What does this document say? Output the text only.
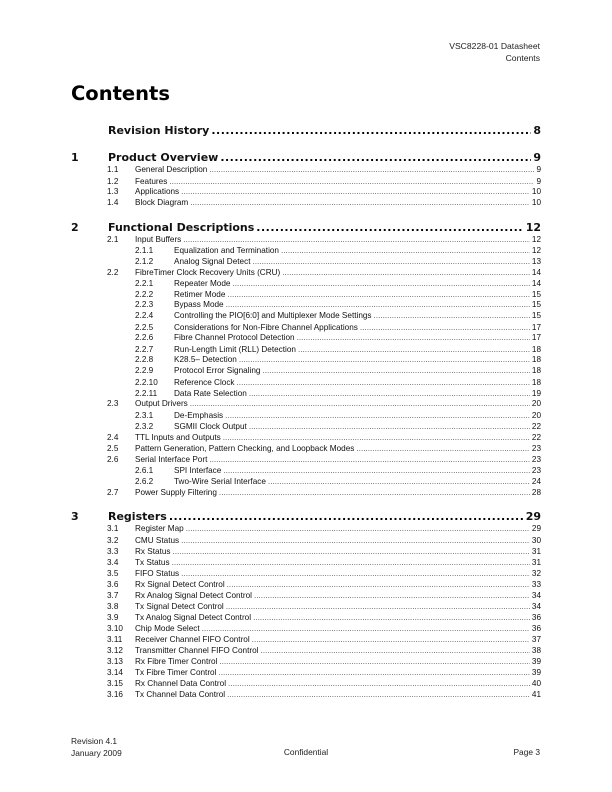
VSC8228-01 Datasheet
Contents
Contents
Revision History .....	8
1	Product Overview .....	9
1.1	General Description .....	9
1.2	Features .....	9
1.3	Applications .....	10
1.4	Block Diagram .....	10
2	Functional Descriptions .....	12
2.1	Input Buffers .....	12
2.1.1	Equalization and Termination .....	12
2.1.2	Analog Signal Detect .....	13
2.2	FibreTimer Clock Recovery Units (CRU) .....	14
2.2.1	Repeater Mode .....	14
2.2.2	Retimer Mode .....	15
2.2.3	Bypass Mode .....	15
2.2.4	Controlling the PIO[6:0] and Multiplexer Mode Settings .....	15
2.2.5	Considerations for Non-Fibre Channel Applications .....	17
2.2.6	Fibre Channel Protocol Detection .....	17
2.2.7	Run-Length Limit (RLL) Detection .....	18
2.2.8	K28.5– Detection .....	18
2.2.9	Protocol Error Signaling .....	18
2.2.10	Reference Clock .....	18
2.2.11	Data Rate Selection .....	19
2.3	Output Drivers .....	20
2.3.1	De-Emphasis .....	20
2.3.2	SGMII Clock Output .....	22
2.4	TTL Inputs and Outputs .....	22
2.5	Pattern Generation, Pattern Checking, and Loopback Modes .....	23
2.6	Serial Interface Port .....	23
2.6.1	SPI Interface .....	23
2.6.2	Two-Wire Serial Interface .....	24
2.7	Power Supply Filtering .....	28
3	Registers .....	29
3.1	Register Map .....	29
3.2	CMU Status .....	30
3.3	Rx Status .....	31
3.4	Tx Status .....	31
3.5	FIFO Status .....	32
3.6	Rx Signal Detect Control .....	33
3.7	Rx Analog Signal Detect Control .....	34
3.8	Tx Signal Detect Control .....	34
3.9	Tx Analog Signal Detect Control .....	36
3.10	Chip Mode Select .....	36
3.11	Receiver Channel FIFO Control .....	37
3.12	Transmitter Channel FIFO Control .....	38
3.13	Rx Fibre Timer Control .....	39
3.14	Tx Fibre Timer Control .....	39
3.15	Rx Channel Data Control .....	40
3.16	Tx Channel Data Control .....	41
Revision 4.1
January 2009	Confidential	Page 3
